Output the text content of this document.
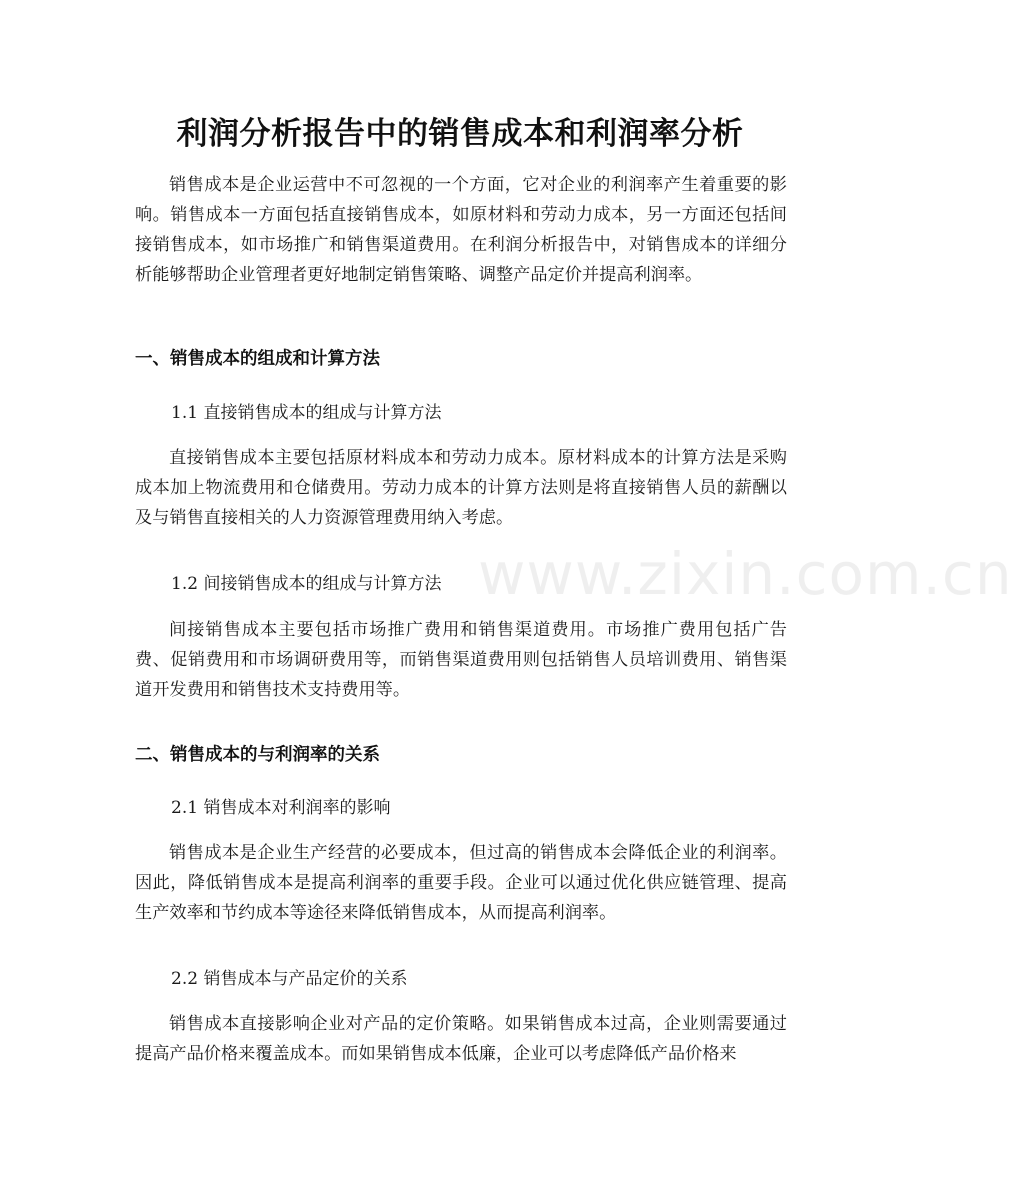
www.zixin.com.cn
利润分析报告中的销售成本和利润率分析

销售成本是企业运营中不可忽视的一个方面，它对企业的利润率产生着重要的影响。销售成本一方面包括直接销售成本，如原材料和劳动力成本，另一方面还包括间接销售成本，如市场推广和销售渠道费用。在利润分析报告中，对销售成本的详细分析能够帮助企业管理者更好地制定销售策略、调整产品定价并提高利润率。

一、销售成本的组成和计算方法
1.1 直接销售成本的组成与计算方法

直接销售成本主要包括原材料成本和劳动力成本。原材料成本的计算方法是采购成本加上物流费用和仓储费用。劳动力成本的计算方法则是将直接销售人员的薪酬以及与销售直接相关的人力资源管理费用纳入考虑。

1.2 间接销售成本的组成与计算方法

间接销售成本主要包括市场推广费用和销售渠道费用。市场推广费用包括广告费、促销费用和市场调研费用等，而销售渠道费用则包括销售人员培训费用、销售渠道开发费用和销售技术支持费用等。

二、销售成本的与利润率的关系
2.1 销售成本对利润率的影响

销售成本是企业生产经营的必要成本，但过高的销售成本会降低企业的利润率。因此，降低销售成本是提高利润率的重要手段。企业可以通过优化供应链管理、提高生产效率和节约成本等途径来降低销售成本，从而提高利润率。

2.2 销售成本与产品定价的关系

销售成本直接影响企业对产品的定价策略。如果销售成本过高，企业则需要通过提高产品价格来覆盖成本。而如果销售成本低廉，企业可以考虑降低产品价格来
